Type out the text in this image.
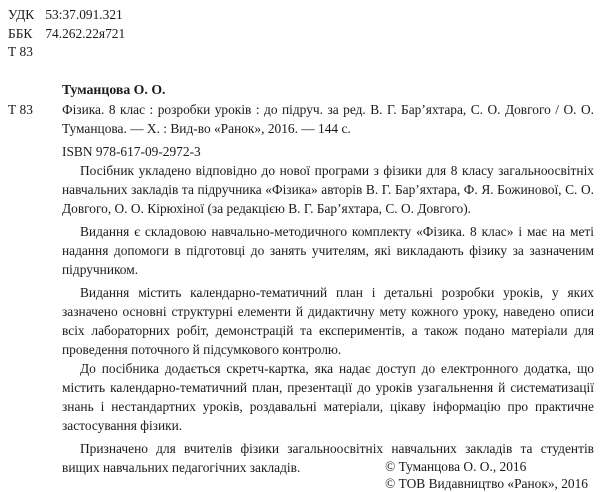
УДК 53:37.091.321
ББК 74.262.22я721
Т 83
Туманцова О. О.
Т 83 Фізика. 8 клас : розробки уроків : до підруч. за ред. В. Г. Бар’яхтара, С. О. Довгого / О. О. Туманцова. — Х. : Вид-во «Ранок», 2016. — 144 с.
ISBN 978-617-09-2972-3

Посібник укладено відповідно до нової програми з фізики для 8 класу загальноосвітніх навчальних закладів та підручника «Фізика» авторів В. Г. Бар’яхтара, Ф. Я. Божинової, С. О. Довгого, О. О. Кірюхіної (за редакцією В. Г. Бар’яхтара, С. О. Довгого).

Видання є складовою навчально-методичного комплекту «Фізика. 8 клас» і має на меті надання допомоги в підготовці до занять учителям, які викладають фізику за зазначеним підручником.

Видання містить календарно-тематичний план і детальні розробки уроків, у яких зазначено основні структурні елементи й дидактичну мету кожного уроку, наведено описи всіх лабораторних робіт, демонстрацій та експериментів, а також подано матеріали для проведення поточного й підсумкового контролю.

До посібника додається скретч-картка, яка надає доступ до електронного додатка, що містить календарно-тематичний план, презентації до уроків узагальнення й систематизації знань і нестандартних уроків, роздавальні матеріали, цікаву інформацію про практичне застосування фізики.

Призначено для вчителів фізики загальноосвітніх навчальних закладів та студентів вищих навчальних педагогічних закладів.	© Туманцова О. О., 2016
© ТОВ Видавництво «Ранок», 2016
